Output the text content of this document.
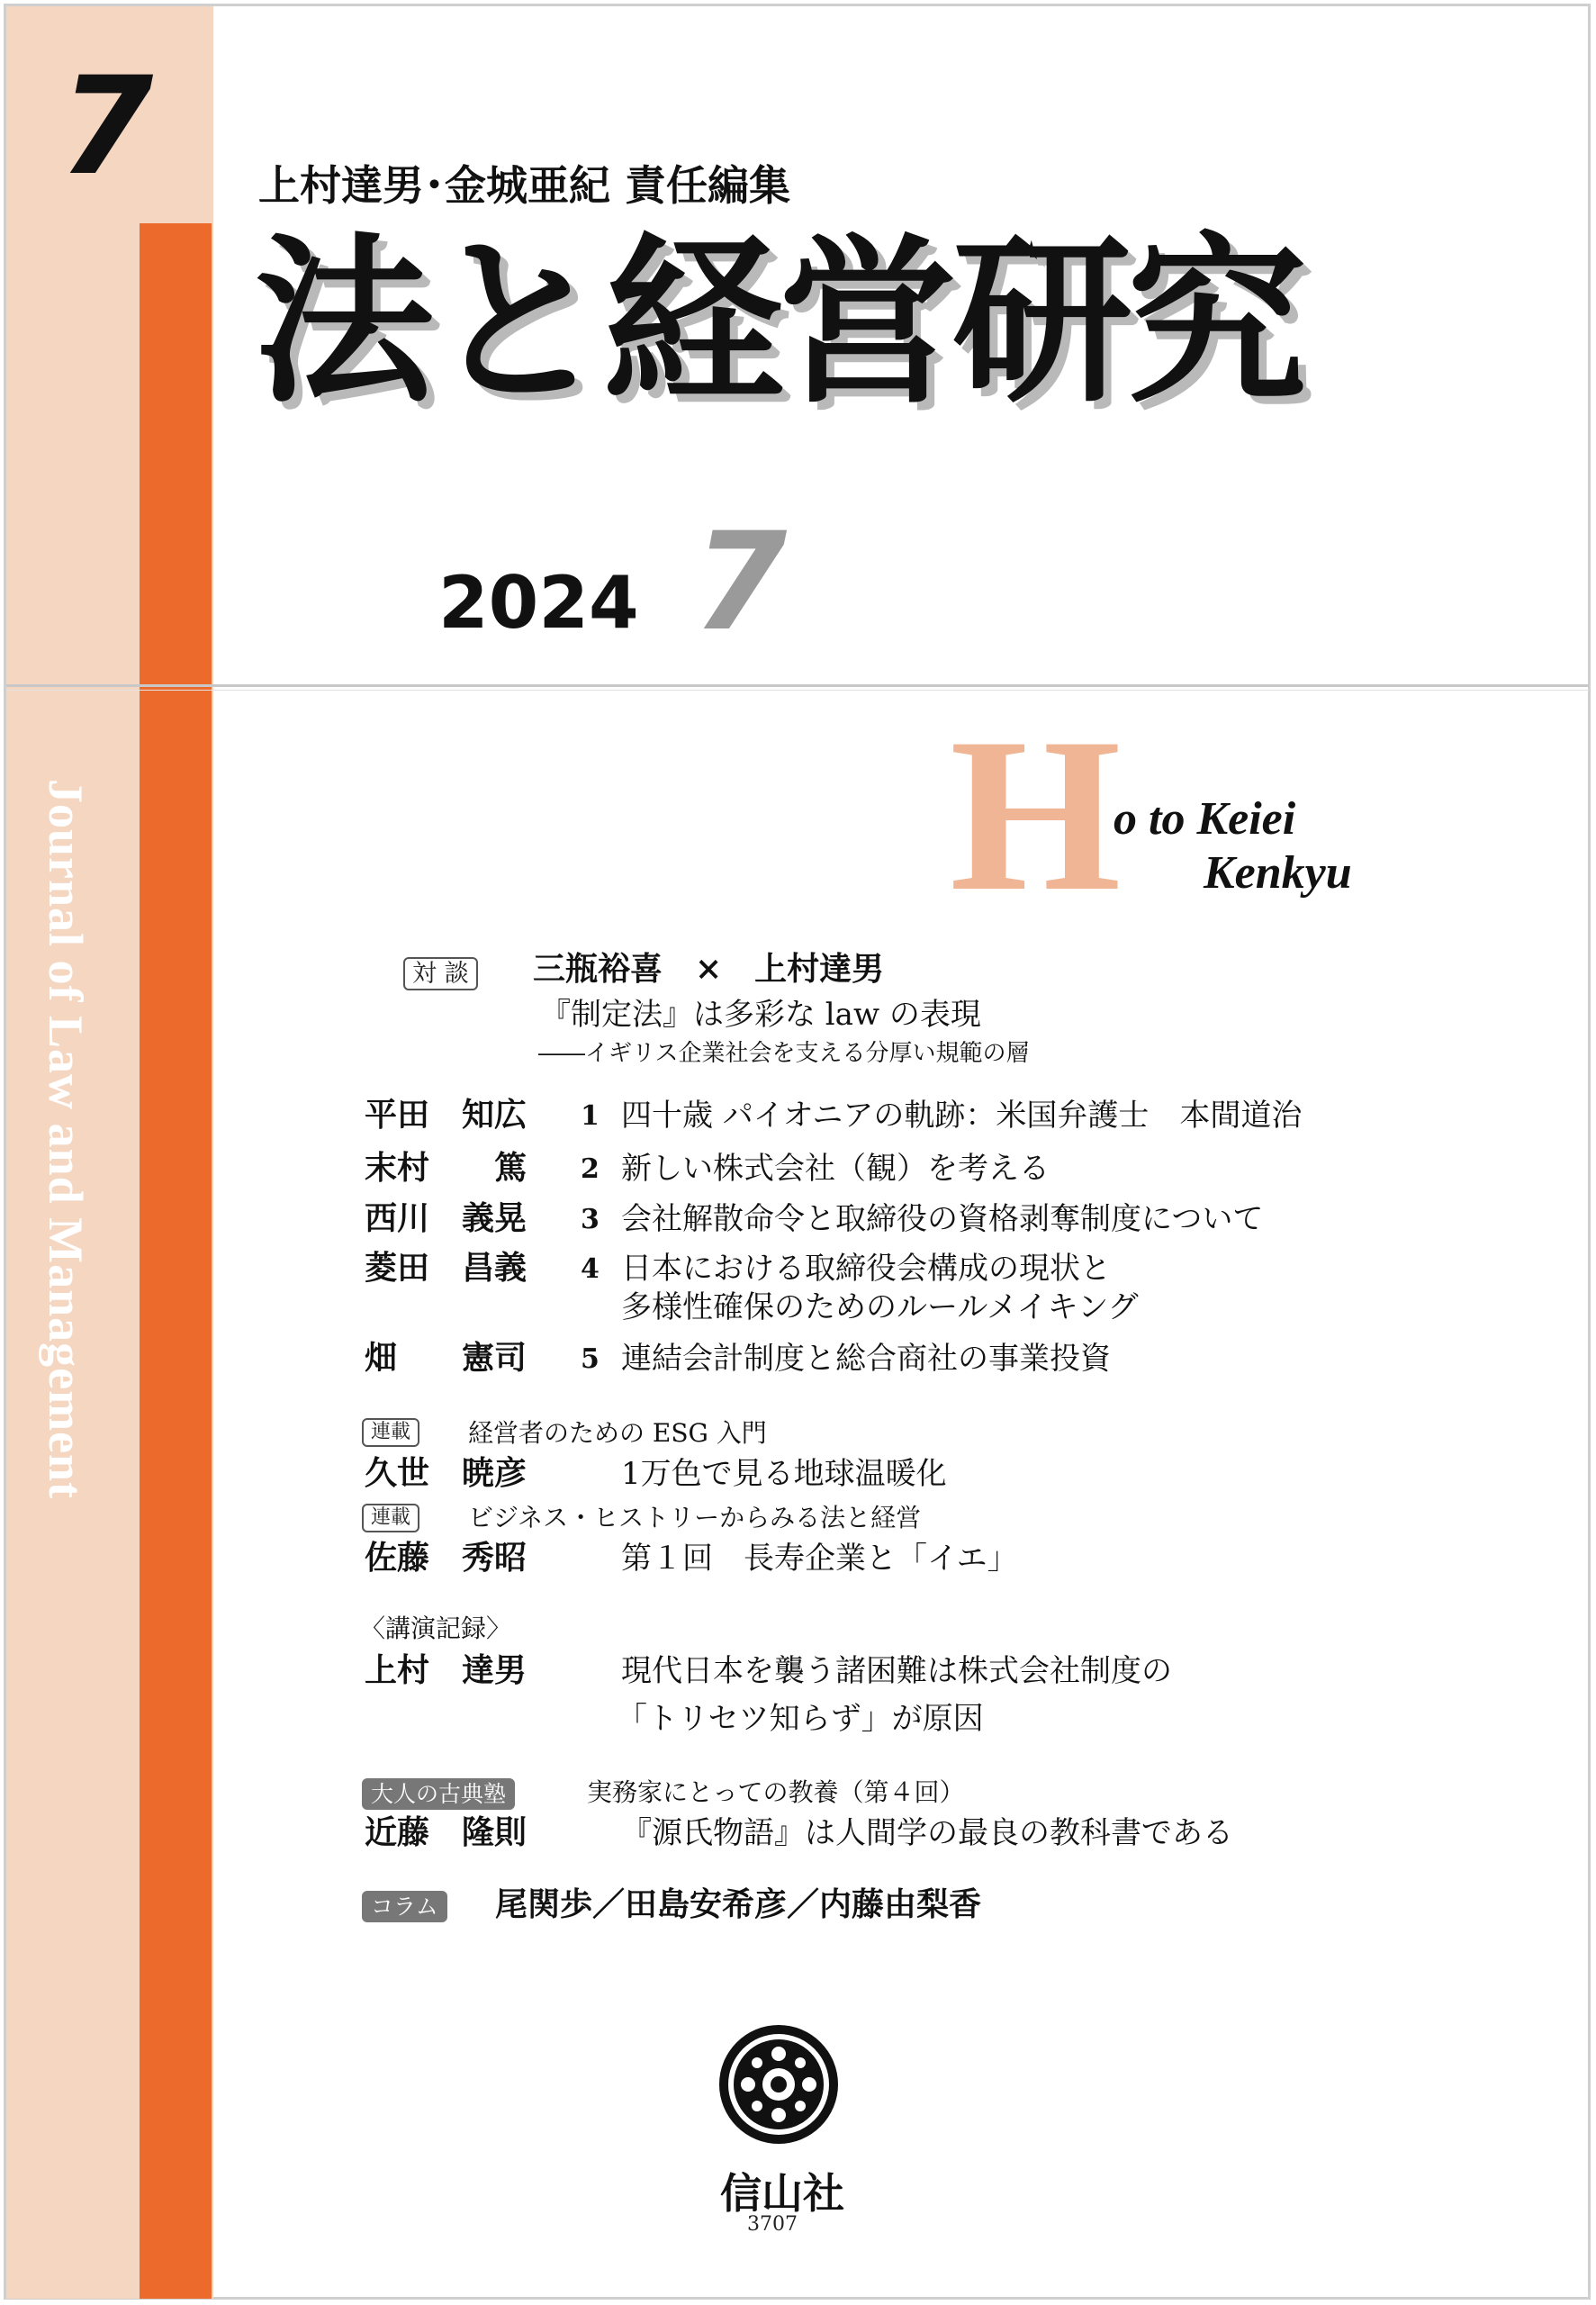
7
Journal of Law and Management
上村達男･金城亜紀 責任編集
法と経営研究
2024 7
H
o to Keiei
Kenkyu
対 談 三瓶裕喜　×　上村達男
『制定法』は多彩な law の表現
――イギリス企業社会を支える分厚い規範の層
平田　知広 1 四十歳 パイオニアの軌跡：米国弁護士　本間道治
末村　　篤 2 新しい株式会社（観）を考える
西川　義晃 3 会社解散命令と取締役の資格剥奪制度について
菱田　昌義 4 日本における取締役会構成の現状と
多様性確保のためのルールメイキング
畑　　憲司 5 連結会計制度と総合商社の事業投資
連載	経営者のための ESG 入門
久世　暁彦	1万色で見る地球温暖化
連載	ビジネス・ヒストリーからみる法と経営
佐藤　秀昭	第１回　長寿企業と「イエ」
〈講演記録〉
上村　達男	現代日本を襲う諸困難は株式会社制度の
「トリセツ知らず」が原因
大人の古典塾	実務家にとっての教養（第４回）
近藤　隆則	『源氏物語』は人間学の最良の教科書である
コラム 尾関歩／田島安希彦／内藤由梨香
信山社
3707
